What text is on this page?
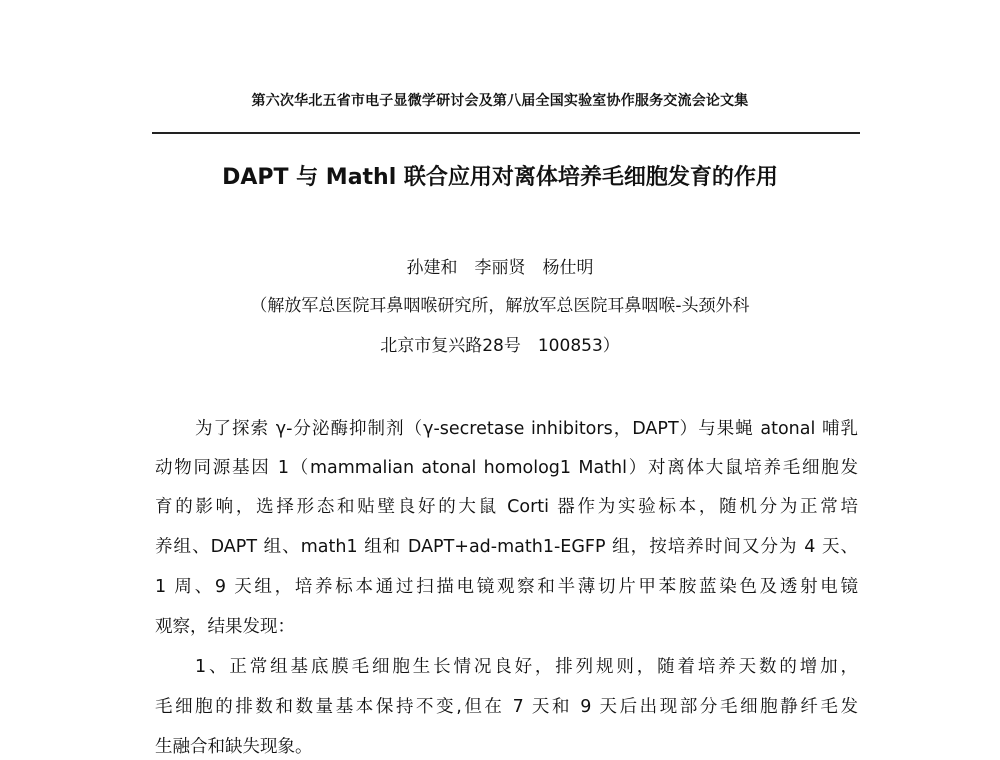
第六次华北五省市电子显微学研讨会及第八届全国实验室协作服务交流会论文集
DAPT 与 Mathl 联合应用对离体培养毛细胞发育的作用
孙建和　李丽贤　杨仕明
（解放军总医院耳鼻咽喉研究所，解放军总医院耳鼻咽喉-头颈外科
北京市复兴路28号　100853）
为了探索 γ-分泌酶抑制剂（γ-secretase inhibitors，DAPT）与果蝇 atonal 哺乳
动物同源基因 1（mammalian atonal homolog1 Mathl）对离体大鼠培养毛细胞发
育的影响，选择形态和贴壁良好的大鼠 Corti 器作为实验标本，随机分为正常培
养组、DAPT 组、math1 组和 DAPT+ad-math1-EGFP 组，按培养时间又分为 4 天、
1 周、9 天组，培养标本通过扫描电镜观察和半薄切片甲苯胺蓝染色及透射电镜
观察，结果发现：
1、正常组基底膜毛细胞生长情况良好，排列规则，随着培养天数的增加，
毛细胞的排数和数量基本保持不变,但在 7 天和 9 天后出现部分毛细胞静纤毛发
生融合和缺失现象。
